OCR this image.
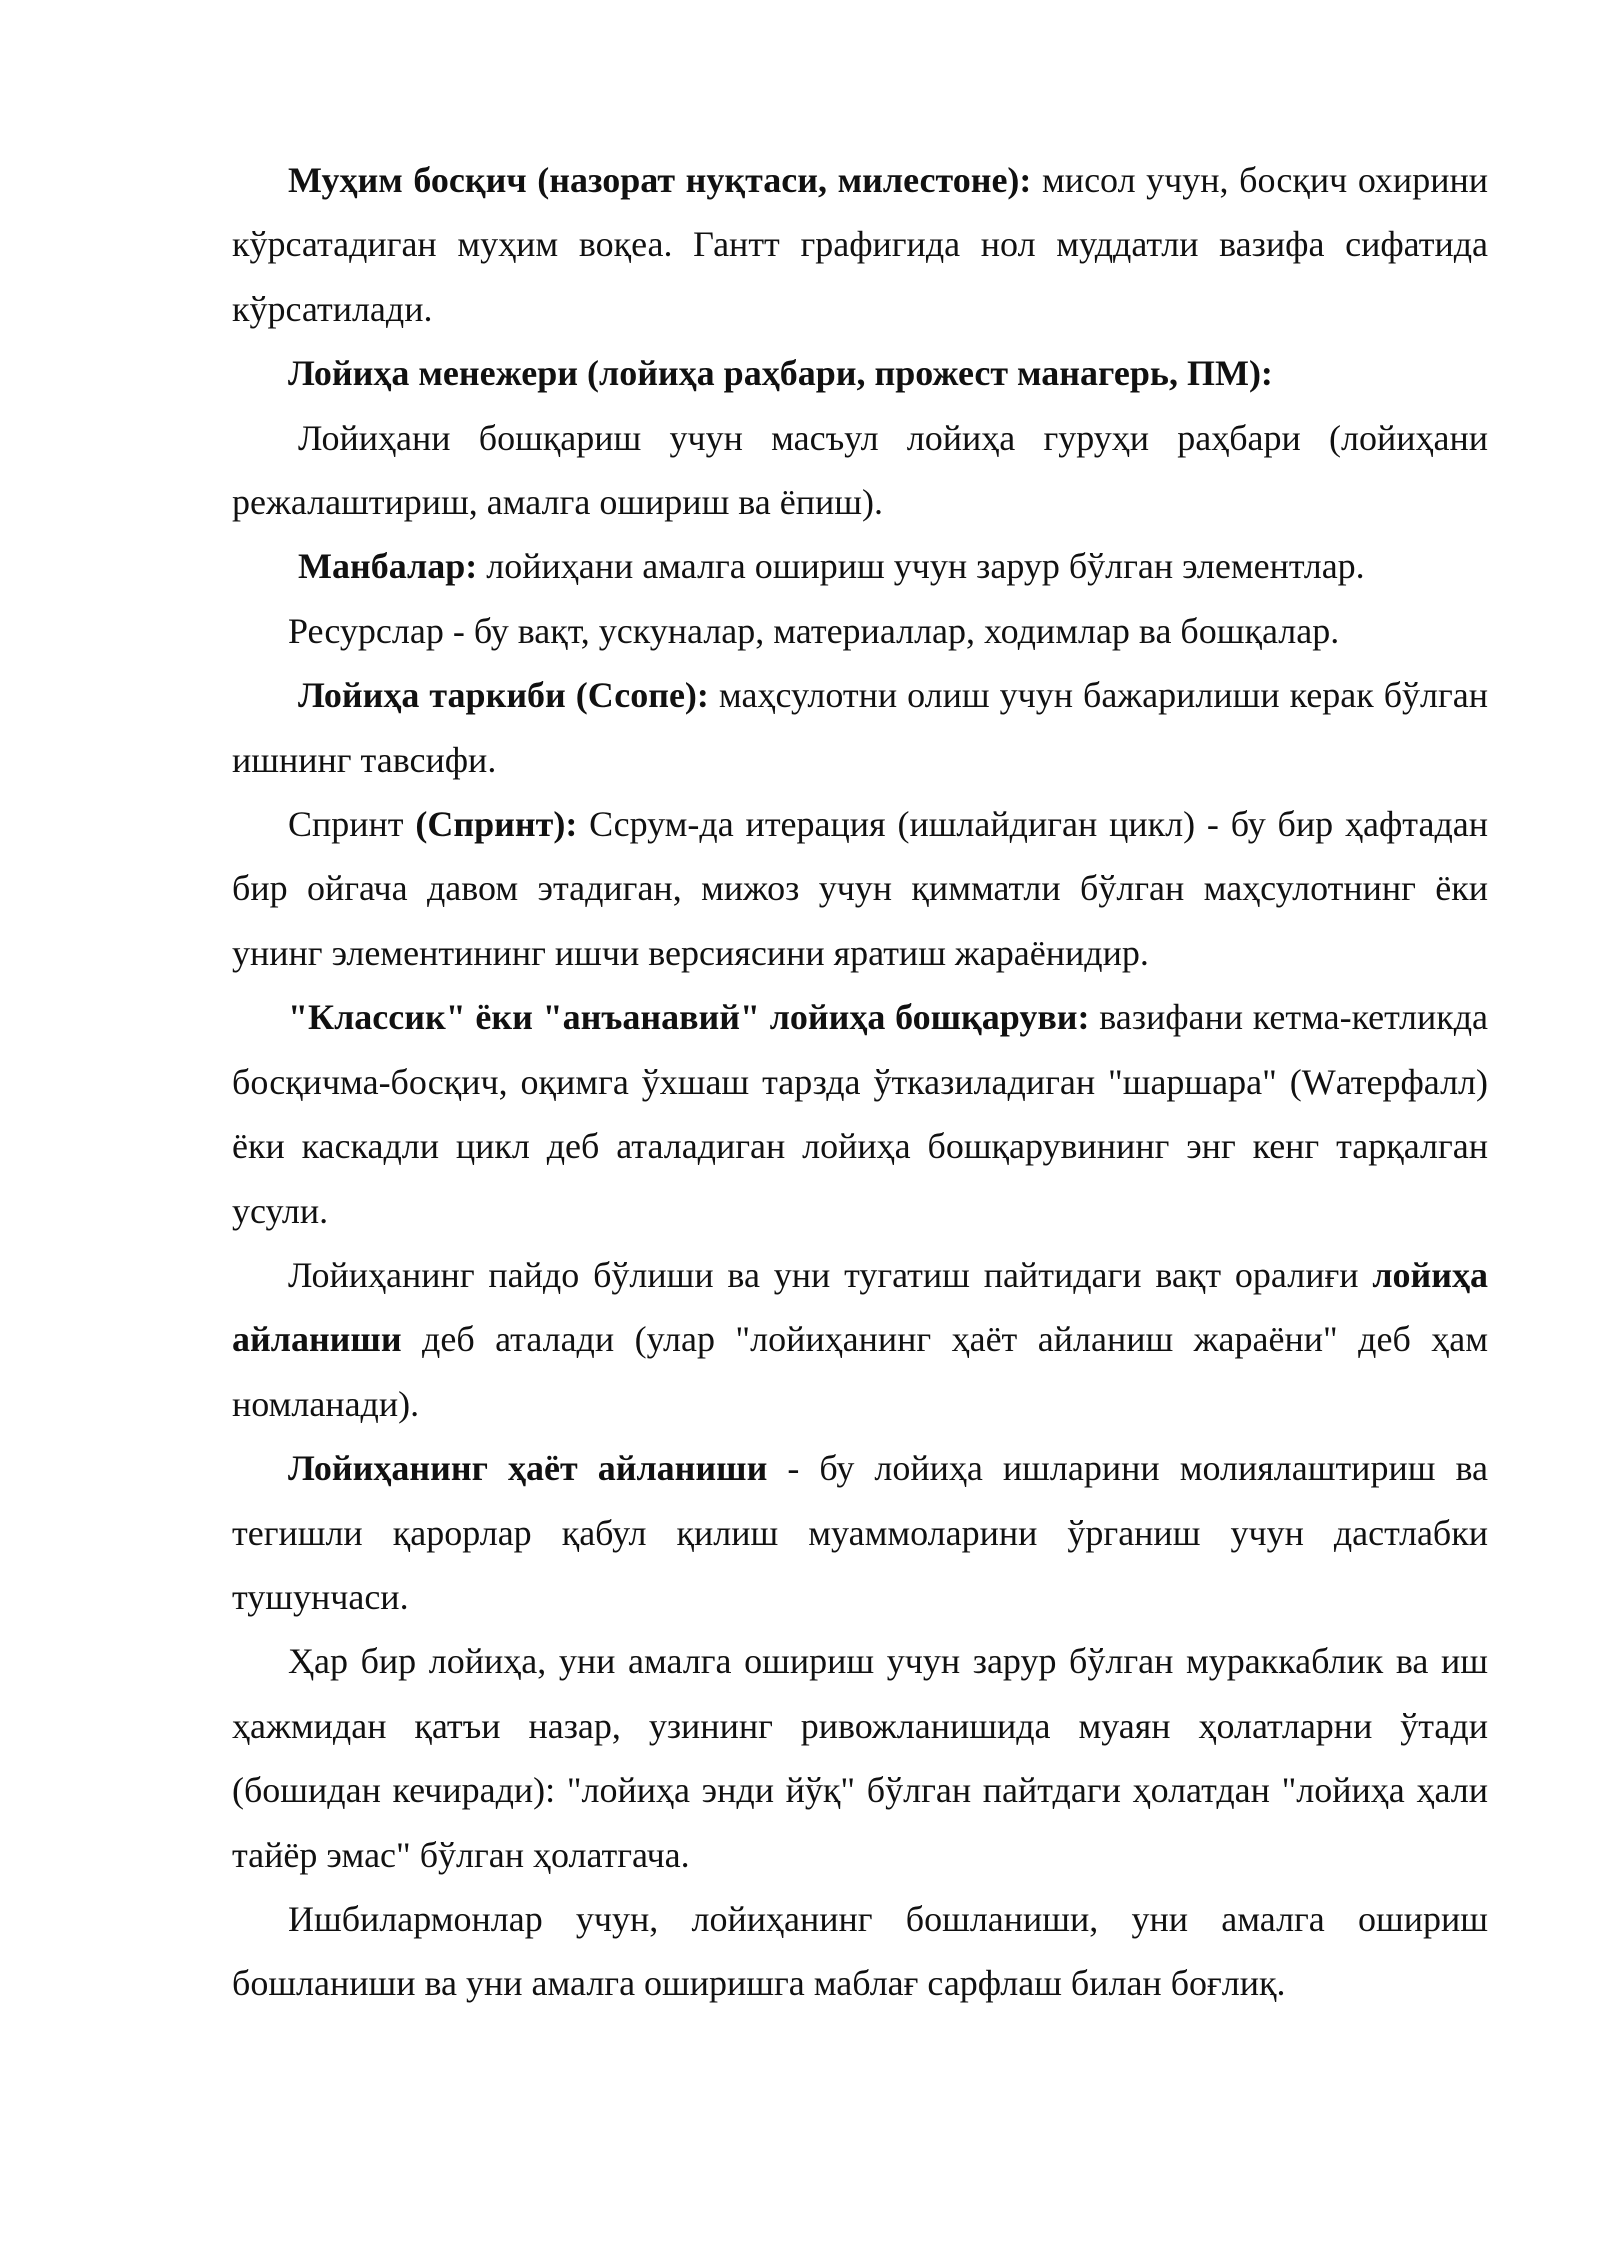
Муҳим босқич (назорат нуқтаси, милестоне): мисол учун, босқич охирини кўрсатадиган муҳим воқеа. Гантт графигида нол муддатли вазифа сифатида кўрсатилади.

Лойиҳа менежери (лойиҳа раҳбари, прожест манагерь, ПМ):

Лойиҳани бошқариш учун масъул лойиҳа гуруҳи раҳбари (лойиҳани режалаштириш, амалга ошириш ва ёпиш).

Манбалар: лойиҳани амалга ошириш учун зарур бўлган элементлар.

Ресурслар - бу вақт, ускуналар, материаллар, ходимлар ва бошқалар.

Лойиҳа таркиби (Ссопе): маҳсулотни олиш учун бажарилиши керак бўлган ишнинг тавсифи.

Спринт (Спринт): Ссрум-да итерация (ишлайдиган цикл) - бу бир ҳафтадан бир ойгача давом этадиган, мижоз учун қимматли бўлган маҳсулотнинг ёки унинг элементининг ишчи версиясини яратиш жараёнидир.

"Классик" ёки "анъанавий" лойиҳа бошқаруви: вазифани кетма-кетликда босқичма-босқич, оқимга ўхшаш тарзда ўтказиладиган "шаршара" (Wатерфалл) ёки каскадли цикл деб аталадиган лойиҳа бошқарувининг энг кенг тарқалган усули.

Лойиҳанинг пайдо бўлиши ва уни тугатиш пайтидаги вақт оралиғи лойиҳа айланиши деб аталади (улар "лойиҳанинг ҳаёт айланиш жараёни" деб ҳам номланади).

Лойиҳанинг ҳаёт айланиши - бу лойиҳа ишларини молиялаштириш ва тегишли қарорлар қабул қилиш муаммоларини ўрганиш учун дастлабки тушунчаси.

Ҳар бир лойиҳа, уни амалга ошириш учун зарур бўлган мураккаблик ва иш ҳажмидан қатъи назар, узининг ривожланишида муаян ҳолатларни ўтади (бошидан кечиради): "лойиҳа энди йўқ" бўлган пайтдаги ҳолатдан "лойиҳа ҳали тайёр эмас" бўлган ҳолатгача.

Ишбилармонлар учун, лойиҳанинг бошланиши, уни амалга ошириш бошланиши ва уни амалга оширишга маблағ сарфлаш билан боғлиқ.
